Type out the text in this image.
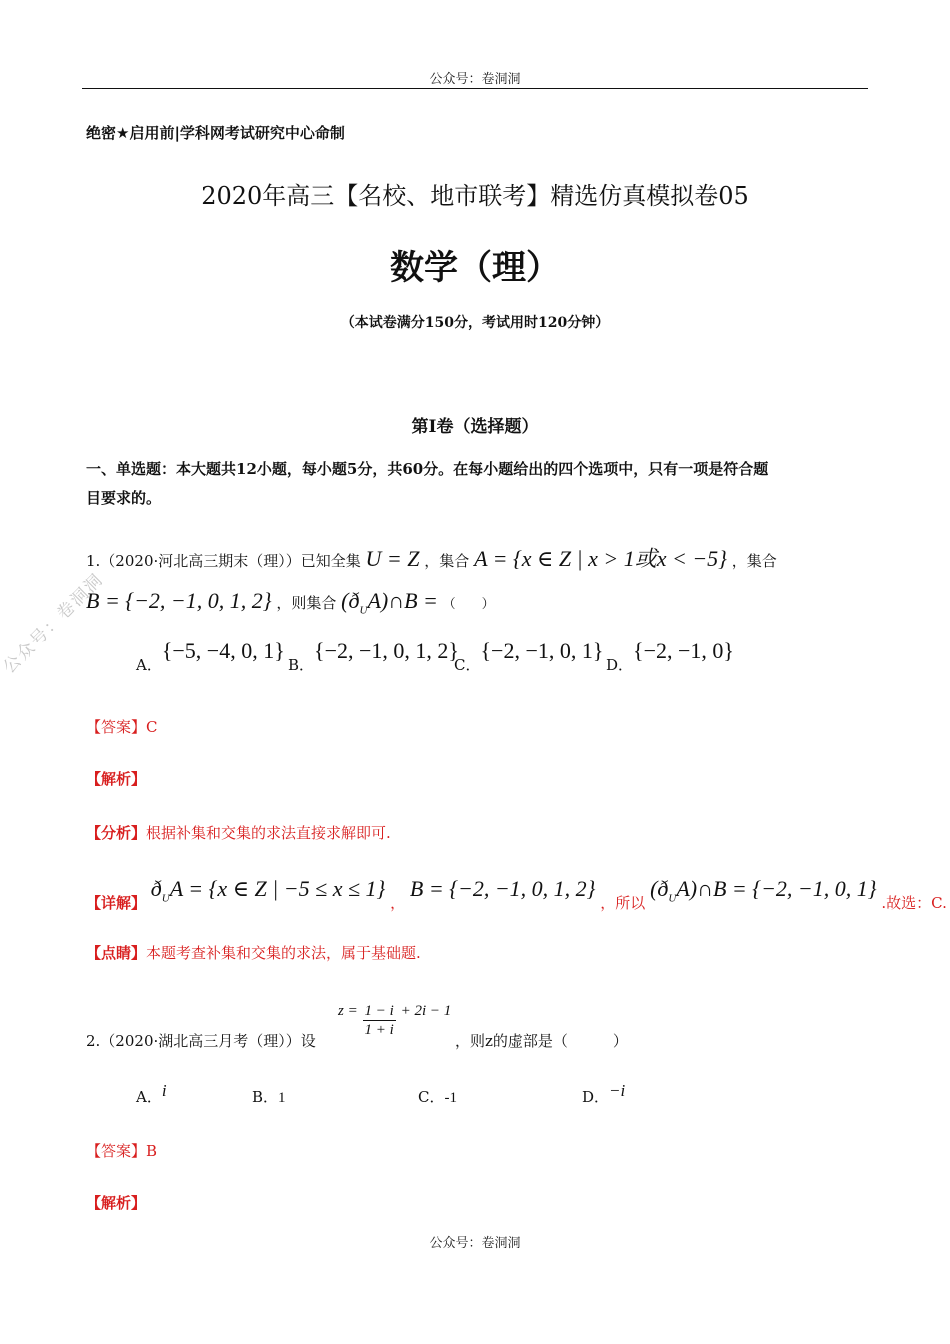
公众号：卷洞洞
公众号：卷洞洞
绝密★启用前|学科网考试研究中心命制
2020年高三【名校、地市联考】精选仿真模拟卷05
数学（理）
（本试卷满分150分，考试用时120分钟）
第Ⅰ卷（选择题）
一、单选题：本大题共12小题，每小题5分，共60分。在每小题给出的四个选项中，只有一项是符合题
目要求的。
1.（2020·河北高三期末（理））已知全集 U = Z ，集合 A = {x ∈ Z | x > 1或x < −5} ，集合
B = {−2, −1, 0, 1, 2} ，则集合 $(ð_UA)\cap B$ = （　　）
A．{−5, −4, 0, 1}
B．{−2, −1, 0, 1, 2}
C．{−2, −1, 0, 1}
D．{−2, −1, 0}
【答案】C
【解析】
【分析】根据补集和交集的求法直接求解即可.
【详解】 $ð_UA = \{x$ ∈ Z | −5 ≤ x ≤ 1} ， B = {−2, −1, 0, 1, 2} ，所以 $(ð_UA)\cap B = \{-2$, −1, 0, 1} .故选：C.
【点睛】本题考查补集和交集的求法，属于基础题.
2.（2020·湖北高三月考（理））设
$z = \frac{1 - i}{1 + i} + 2i - 1$
，则z的虚部是（　　　）
A．i	B．1	C．-1	D．−i
【答案】B
【解析】
公众号：卷洞洞
